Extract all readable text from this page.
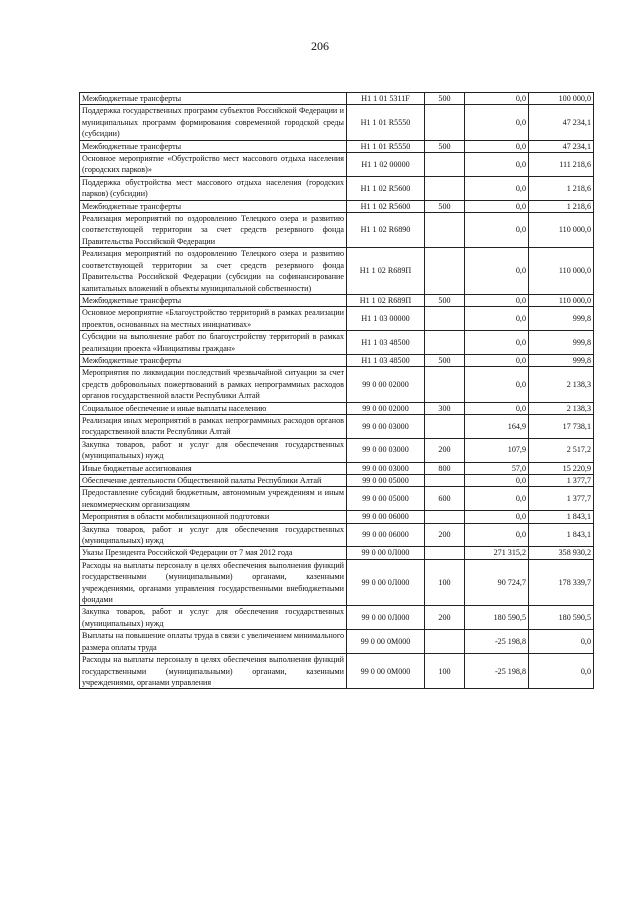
206
Межбюджетные трансферты	Н1 1 01 5311F	500	0,0	100 000,0
Поддержка государственных программ субъектов Российской Федерации и муниципальных программ формирования современной городской среды (субсидии)	Н1 1 01 R5550		0,0	47 234,1
Межбюджетные трансферты	Н1 1 01 R5550	500	0,0	47 234,1
Основное мероприятие «Обустройство мест массового отдыха населения (городских парков)»	Н1 1 02 00000		0,0	111 218,6
Поддержка обустройства мест массового отдыха населения (городских парков) (субсидии)	Н1 1 02 R5600		0,0	1 218,6
Межбюджетные трансферты	Н1 1 02 R5600	500	0,0	1 218,6
Реализация мероприятий по оздоровлению Телецкого озера и развитию соответствующей территории за счет средств резервного фонда Правительства Российской Федерации	Н1 1 02 R6890		0,0	110 000,0
Реализация мероприятий по оздоровлению Телецкого озера и развитию соответствующей территории за счет средств резервного фонда Правительства Российской Федерации (субсидии на софинансирование капитальных вложений в объекты муниципальной собственности)	Н1 1 02 R689П		0,0	110 000,0
Межбюджетные трансферты	Н1 1 02 R689П	500	0,0	110 000,0
Основное мероприятие «Благоустройство территорий в рамках реализации проектов, основанных на местных инициативах»	Н1 1 03 00000		0,0	999,8
Субсидии на выполнение работ по благоустройству территорий в рамках реализации проекта «Инициативы граждан»	Н1 1 03 48500		0,0	999,8
Межбюджетные трансферты	Н1 1 03 48500	500	0,0	999,8
Мероприятия по ликвидации последствий чрезвычайной ситуации за счет средств добровольных пожертвований в рамках непрограммных расходов органов государственной власти Республики Алтай	99 0 00 02000		0,0	2 138,3
Социальное обеспечение и иные выплаты населению	99 0 00 02000	300	0,0	2 138,3
Реализация иных мероприятий в рамках непрограммных расходов органов государственной власти Республики Алтай	99 0 00 03000		164,9	17 738,1
Закупка товаров, работ и услуг для обеспечения государственных (муниципальных) нужд	99 0 00 03000	200	107,9	2 517,2
Иные бюджетные ассигнования	99 0 00 03000	800	57,0	15 220,9
Обеспечение деятельности Общественной палаты Республики Алтай	99 0 00 05000		0,0	1 377,7
Предоставление субсидий бюджетным, автономным учреждениям и иным некоммерческим организациям	99 0 00 05000	600	0,0	1 377,7
Мероприятия в области мобилизационной подготовки	99 0 00 06000		0,0	1 843,1
Закупка товаров, работ и услуг для обеспечения государственных (муниципальных) нужд	99 0 00 06000	200	0,0	1 843,1
Указы Президента Российской Федерации от 7 мая 2012 года	99 0 00 0Л000		271 315,2	358 930,2
Расходы на выплаты персоналу в целях обеспечения выполнения функций государственными (муниципальными) органами, казенными учреждениями, органами управления государственными внебюджетными фондами	99 0 00 0Л000	100	90 724,7	178 339,7
Закупка товаров, работ и услуг для обеспечения государственных (муниципальных) нужд	99 0 00 0Л000	200	180 590,5	180 590,5
Выплаты на повышение оплаты труда в связи с увеличением минимального размера оплаты труда	99 0 00 0М000		-25 198,8	0,0
Расходы на выплаты персоналу в целях обеспечения выполнения функций государственными (муниципальными) органами, казенными учреждениями, органами управления	99 0 00 0М000	100	-25 198,8	0,0
